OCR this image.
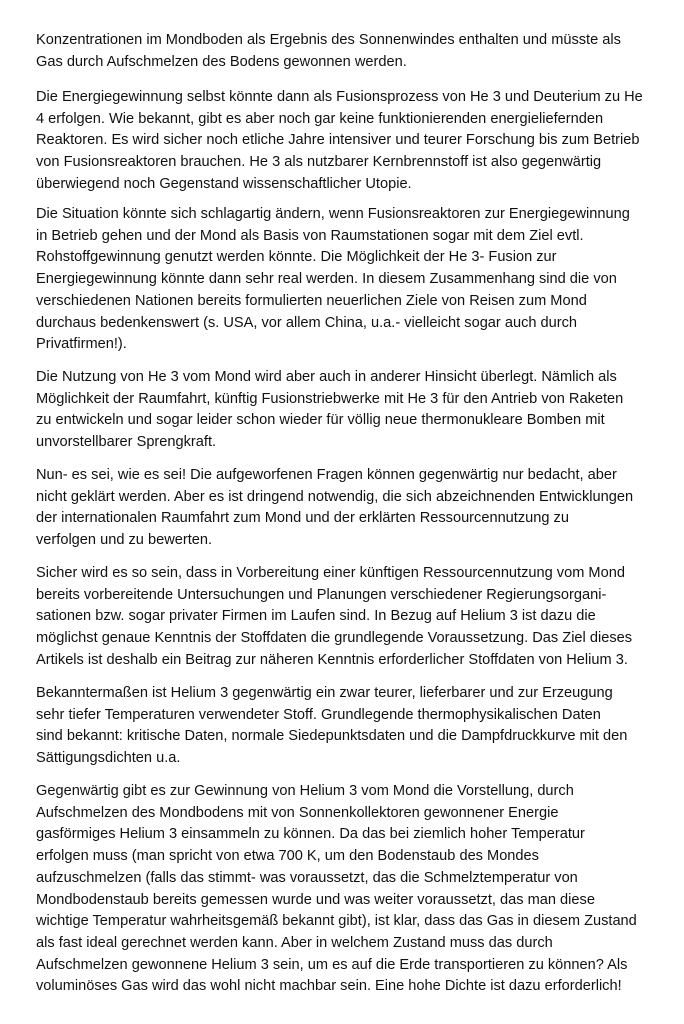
Konzentrationen im Mondboden als Ergebnis des Sonnenwindes enthalten und müsste als
Gas durch Aufschmelzen des Bodens gewonnen werden.
Die Energiegewinnung selbst könnte dann als Fusionsprozess von He 3 und Deuterium zu He
4 erfolgen. Wie bekannt, gibt es aber noch gar keine funktionierenden energieliefernden
Reaktoren. Es wird sicher noch etliche Jahre intensiver und teurer Forschung bis zum Betrieb
von Fusionsreaktoren brauchen. He 3 als nutzbarer Kernbrennstoff ist also gegenwärtig
überwiegend noch Gegenstand wissenschaftlicher Utopie.
Die Situation könnte sich schlagartig ändern, wenn Fusionsreaktoren zur Energiegewinnung
in Betrieb gehen und der Mond als Basis von Raumstationen sogar mit dem Ziel evtl.
Rohstoffgewinnung genutzt werden könnte. Die Möglichkeit der He 3- Fusion zur
Energiegewinnung könnte dann sehr real werden. In diesem Zusammenhang sind die von
verschiedenen Nationen bereits formulierten neuerlichen Ziele von Reisen zum Mond
durchaus bedenkenswert (s. USA, vor allem China, u.a.- vielleicht sogar auch durch
Privatfirmen!).
Die Nutzung von He 3 vom Mond wird aber auch in anderer Hinsicht überlegt. Nämlich als
Möglichkeit der Raumfahrt, künftig Fusionstriebwerke mit He 3 für den Antrieb von Raketen
zu entwickeln und sogar leider schon wieder für völlig neue thermonukleare Bomben mit
unvorstellbarer Sprengkraft.
Nun- es sei, wie es sei! Die aufgeworfenen Fragen können gegenwärtig nur bedacht, aber
nicht geklärt werden. Aber es ist dringend notwendig, die sich abzeichnenden Entwicklungen
der internationalen Raumfahrt zum Mond und der erklärten Ressourcennutzung zu
verfolgen und zu bewerten.
Sicher wird es so sein, dass in Vorbereitung einer künftigen Ressourcennutzung vom Mond
bereits vorbereitende Untersuchungen und Planungen verschiedener Regierungsorgani-
sationen bzw. sogar privater Firmen im Laufen sind. In Bezug auf Helium 3 ist dazu die
möglichst genaue Kenntnis der Stoffdaten die grundlegende Voraussetzung. Das Ziel dieses
Artikels ist deshalb ein Beitrag zur näheren Kenntnis erforderlicher Stoffdaten von Helium 3.
Bekanntermaßen ist Helium 3 gegenwärtig ein zwar teurer, lieferbarer und zur Erzeugung
sehr tiefer Temperaturen verwendeter Stoff. Grundlegende thermophysikalischen Daten
sind bekannt: kritische Daten, normale Siedepunktsdaten und die Dampfdruckkurve mit den
Sättigungsdichten u.a.
Gegenwärtig gibt es zur Gewinnung von Helium 3 vom Mond die Vorstellung, durch
Aufschmelzen des Mondbodens mit von Sonnenkollektoren gewonnener Energie
gasförmiges Helium 3 einsammeln zu können. Da das bei ziemlich hoher Temperatur
erfolgen muss (man spricht von etwa 700 K, um den Bodenstaub des Mondes
aufzuschmelzen (falls das stimmt- was voraussetzt, das die Schmelztemperatur von
Mondbodenstaub bereits gemessen wurde und was weiter voraussetzt, das man diese
wichtige Temperatur wahrheitsgemäß bekannt gibt), ist klar, dass das Gas in diesem Zustand
als fast ideal gerechnet werden kann. Aber in welchem Zustand muss das durch
Aufschmelzen gewonnene Helium 3 sein, um es auf die Erde transportieren zu können? Als
voluminöses Gas wird das wohl nicht machbar sein. Eine hohe Dichte ist dazu erforderlich!
